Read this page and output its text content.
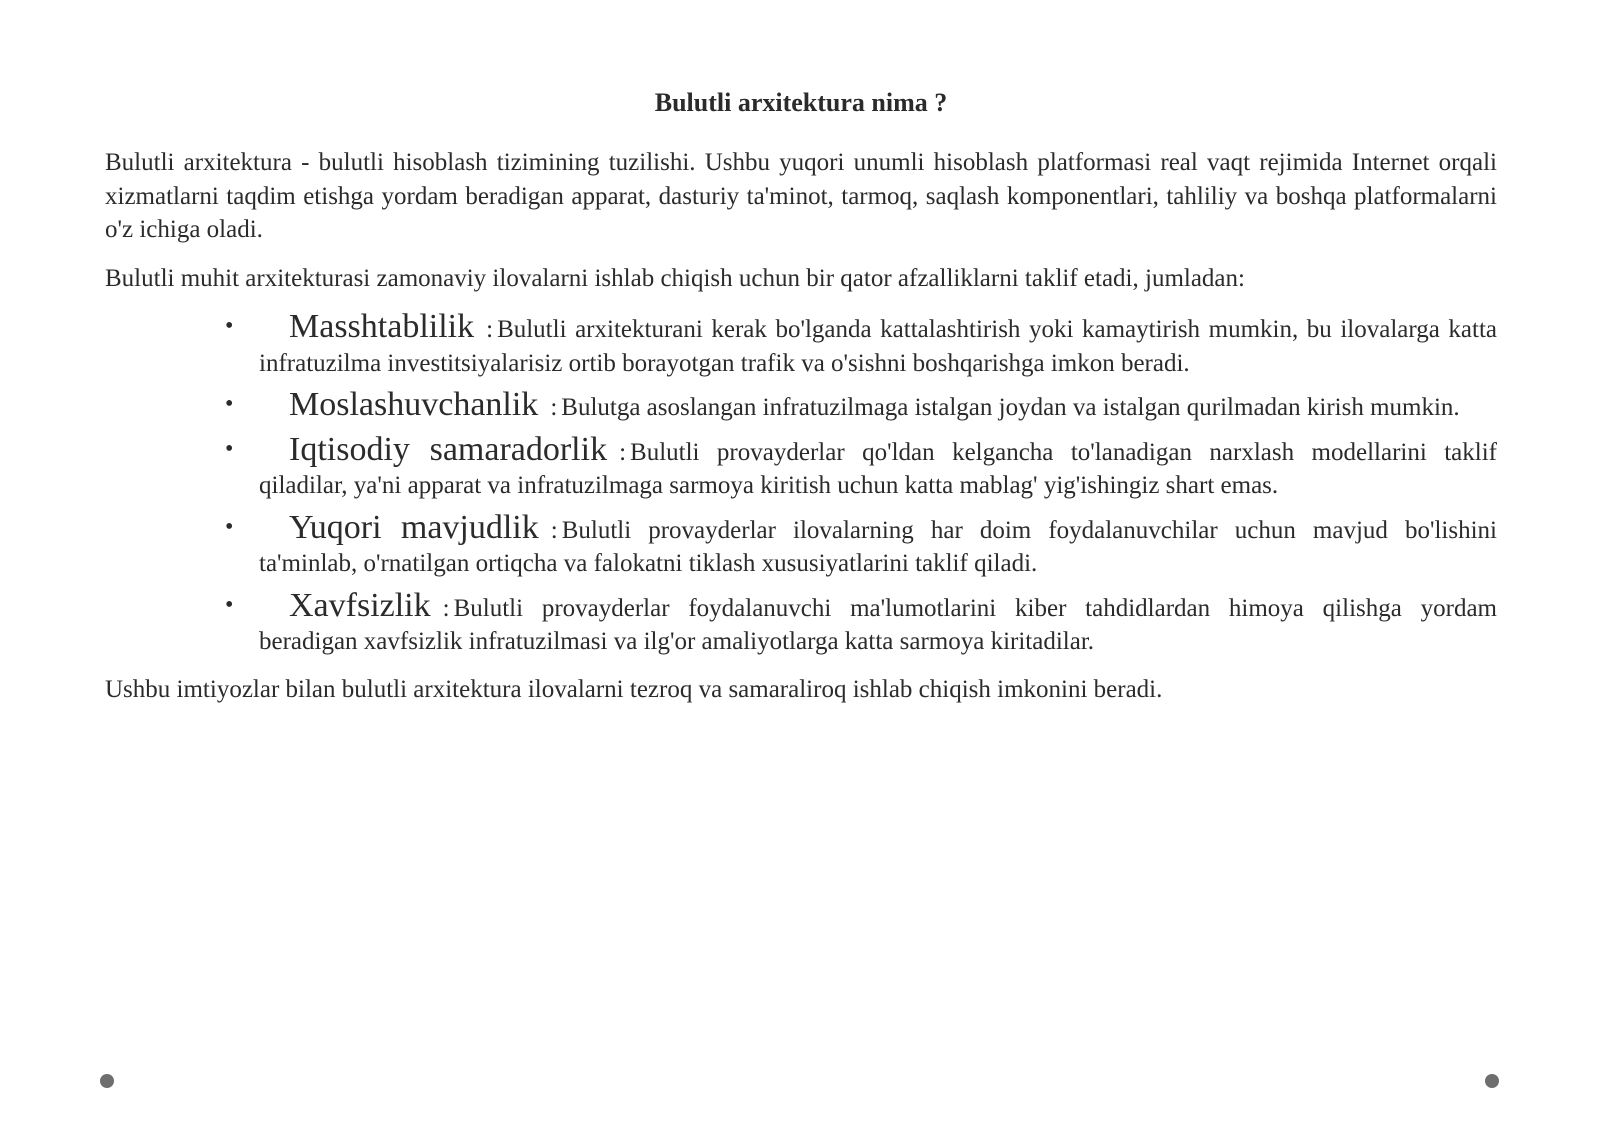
Bulutli arxitektura nima ?

Bulutli arxitektura - bulutli hisoblash tizimining tuzilishi. Ushbu yuqori unumli hisoblash platformasi real vaqt rejimida Internet orqali xizmatlarni taqdim etishga yordam beradigan apparat, dasturiy ta'minot, tarmoq, saqlash komponentlari, tahliliy va boshqa platformalarni o'z ichiga oladi.

Bulutli muhit arxitekturasi zamonaviy ilovalarni ishlab chiqish uchun bir qator afzalliklarni taklif etadi, jumladan:

• Masshtablilik : Bulutli arxitekturani kerak bo'lganda kattalashtirish yoki kamaytirish mumkin, bu ilovalarga katta infratuzilma investitsiyalarisiz ortib borayotgan trafik va o'sishni boshqarishga imkon beradi.
• Moslashuvchanlik : Bulutga asoslangan infratuzilmaga istalgan joydan va istalgan qurilmadan kirish mumkin.
• Iqtisodiy samaradorlik : Bulutli provayderlar qo'ldan kelgancha to'lanadigan narxlash modellarini taklif qiladilar, ya'ni apparat va infratuzilmaga sarmoya kiritish uchun katta mablag' yig'ishingiz shart emas.
• Yuqori mavjudlik : Bulutli provayderlar ilovalarning har doim foydalanuvchilar uchun mavjud bo'lishini ta'minlab, o'rnatilgan ortiqcha va falokatni tiklash xususiyatlarini taklif qiladi.
• Xavfsizlik : Bulutli provayderlar foydalanuvchi ma'lumotlarini kiber tahdidlardan himoya qilishga yordam beradigan xavfsizlik infratuzilmasi va ilg'or amaliyotlarga katta sarmoya kiritadilar.

Ushbu imtiyozlar bilan bulutli arxitektura ilovalarni tezroq va samaraliroq ishlab chiqish imkonini beradi.
